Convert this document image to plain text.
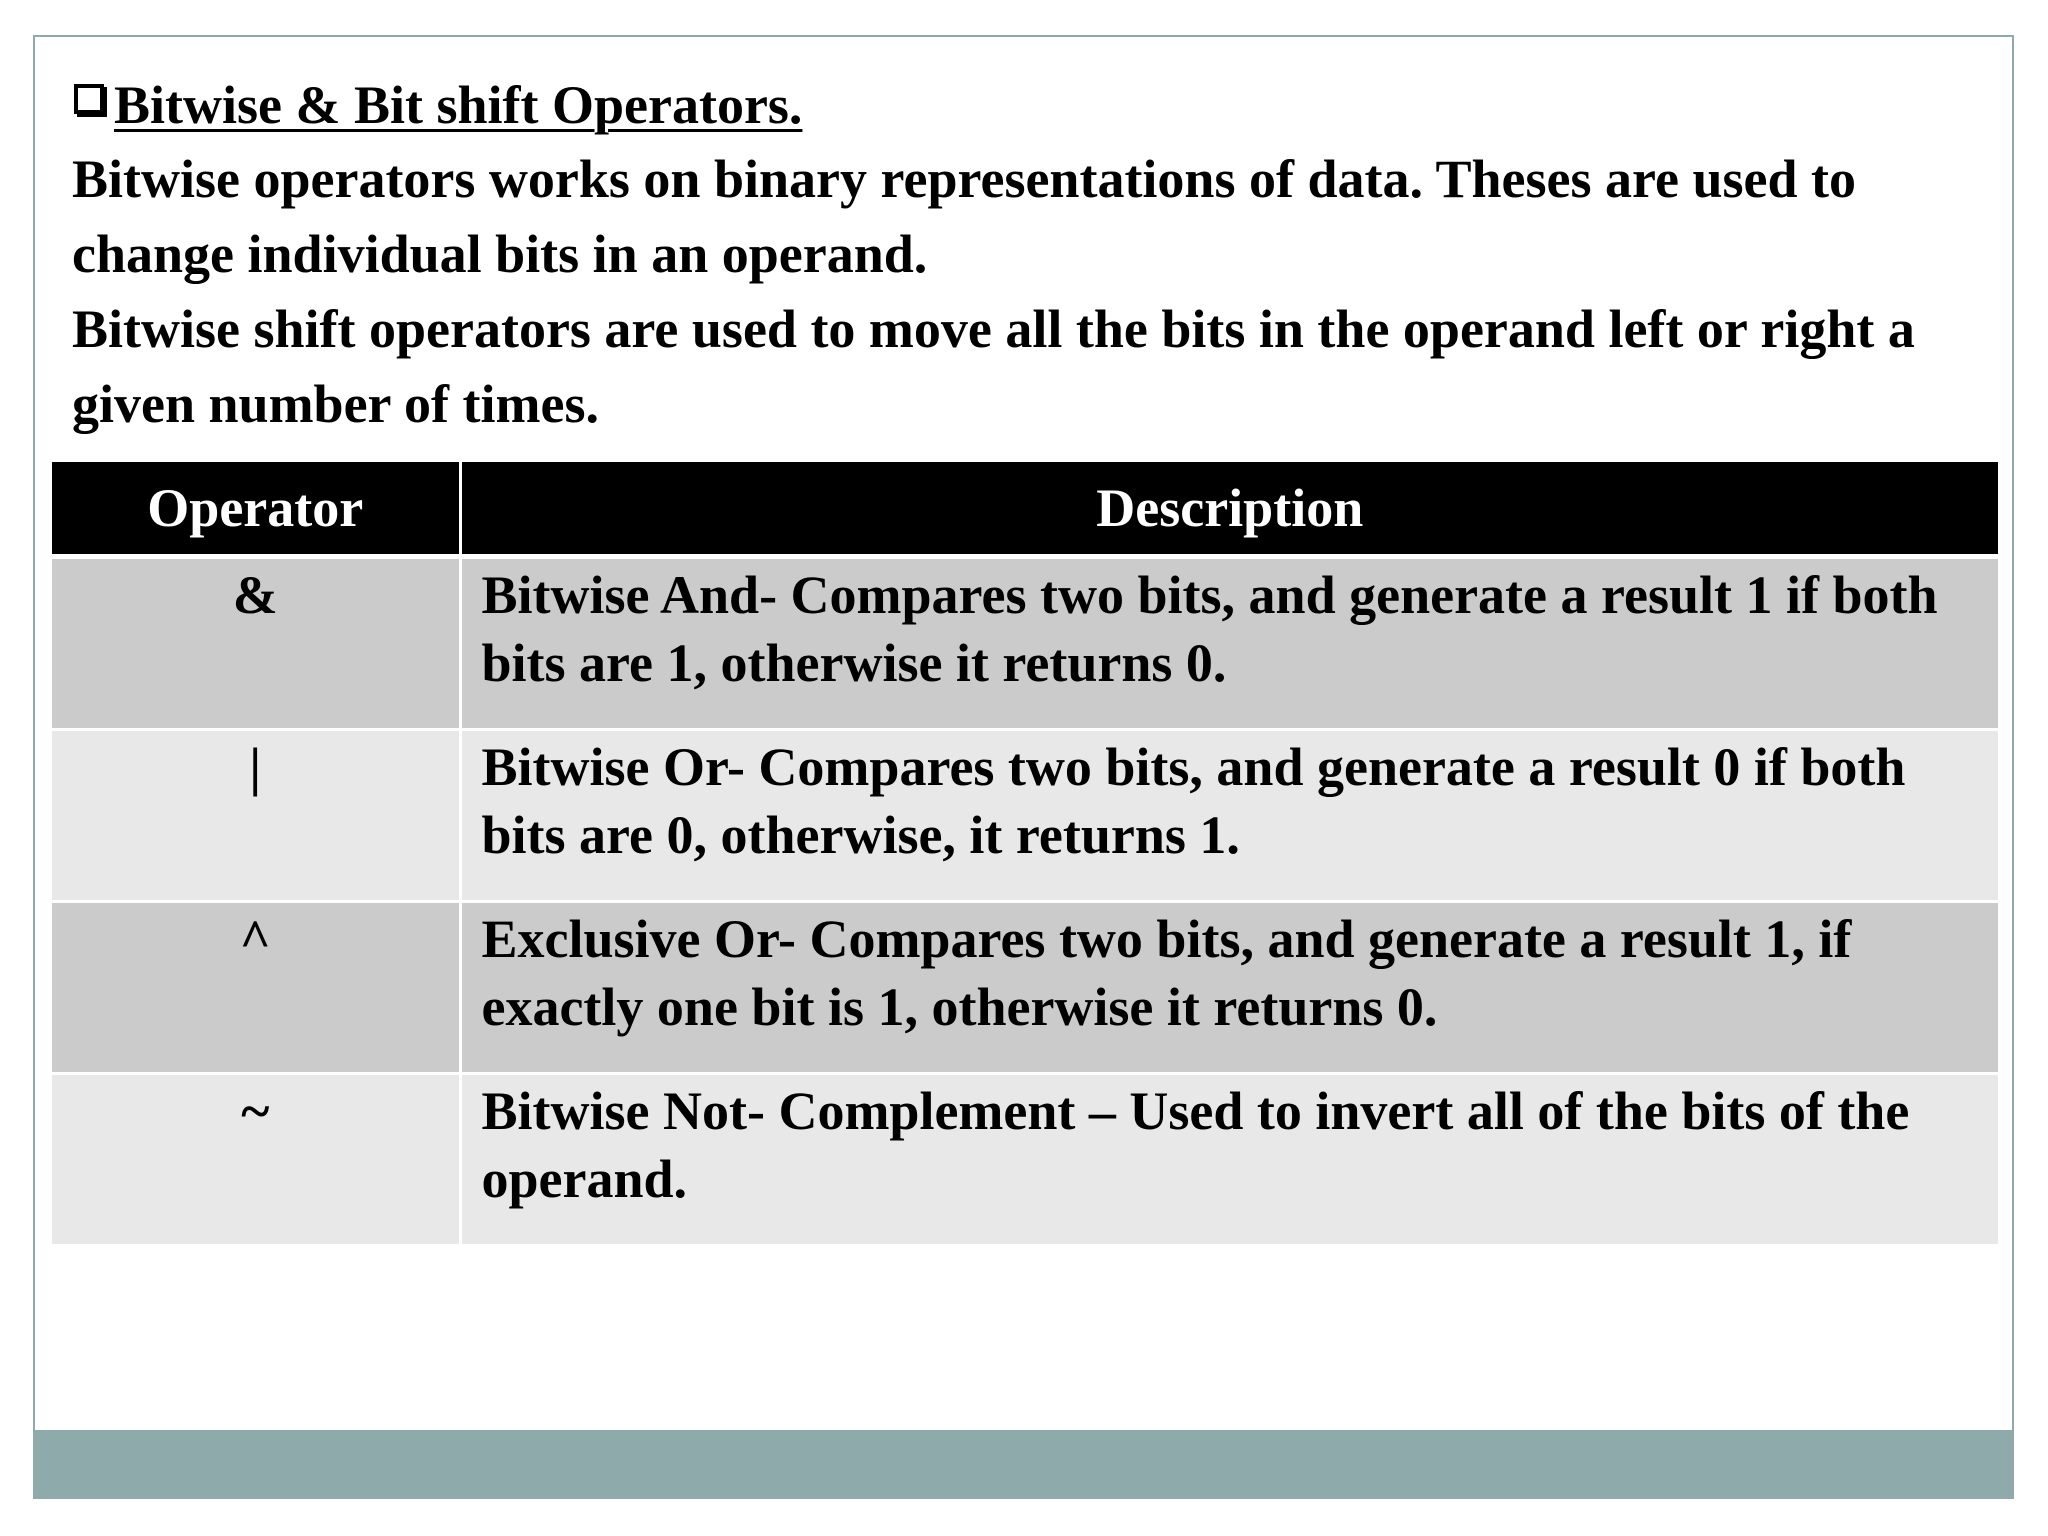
Bitwise & Bit shift Operators.

Bitwise operators works on binary representations of data. Theses are used to change individual bits in an operand.

Bitwise shift operators are used to move all the bits in the operand left or right a given number of times.

Operator	Description
&	Bitwise And- Compares two bits, and generate a result 1 if both bits are 1, otherwise it returns 0.
|	Bitwise Or- Compares two bits, and generate a result 0 if both bits are 0, otherwise, it returns 1.
^	Exclusive Or- Compares two bits, and generate a result 1, if exactly one bit is 1, otherwise it returns 0.
~	Bitwise Not- Complement – Used to invert all of the bits of the operand.
